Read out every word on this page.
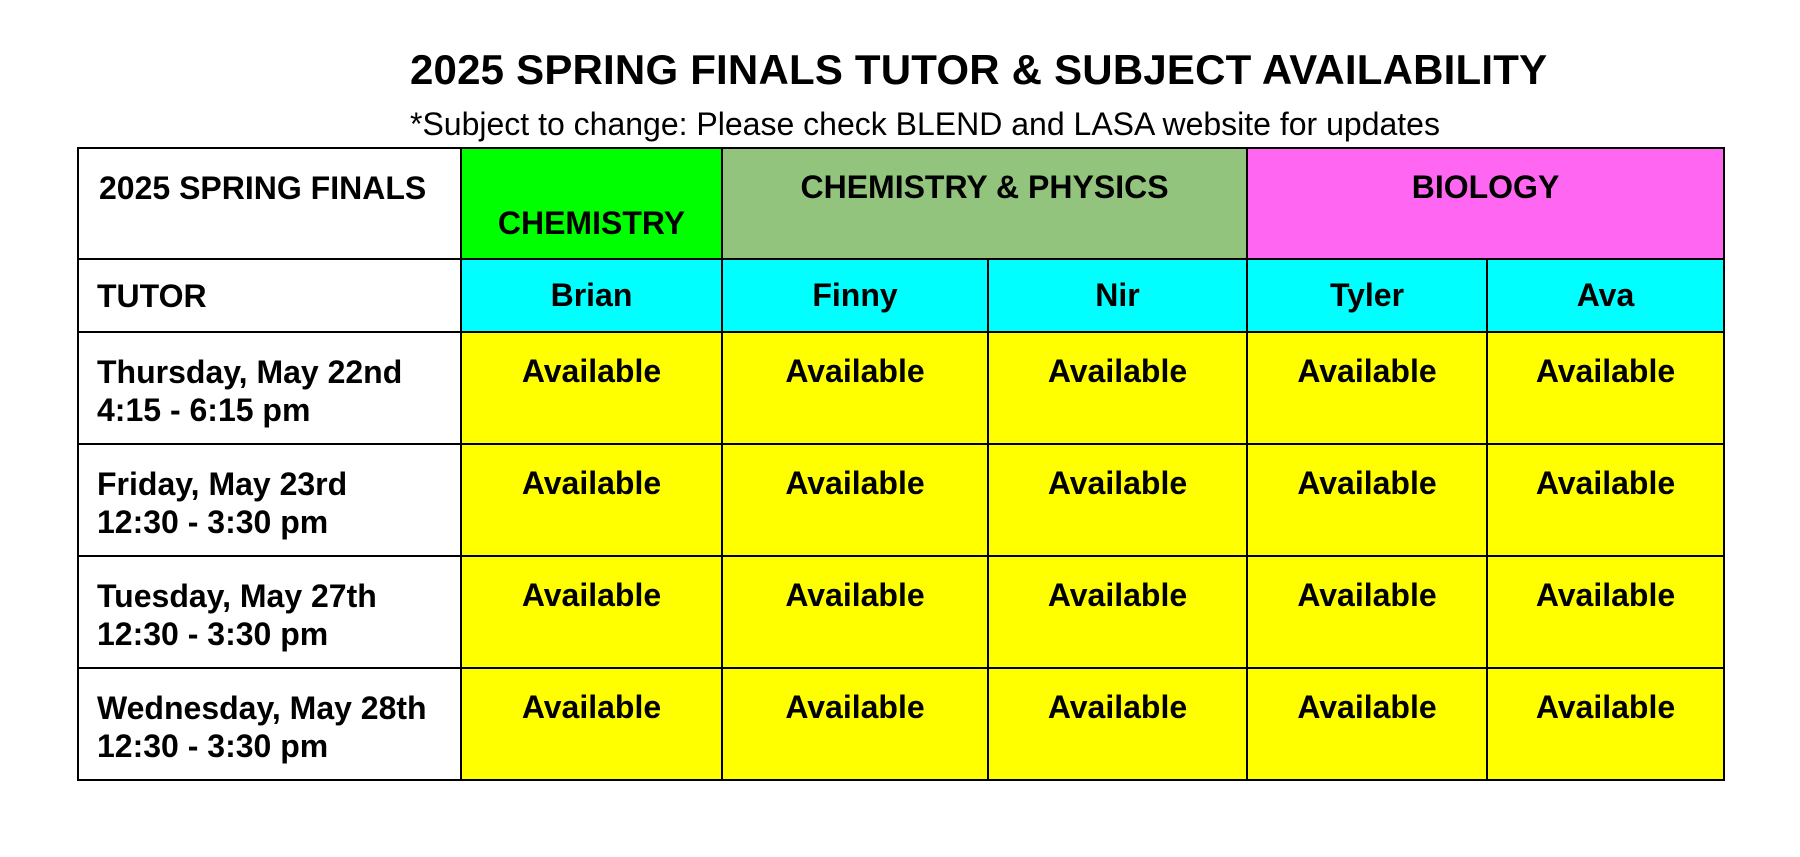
2025 SPRING FINALS TUTOR & SUBJECT AVAILABILITY
*Subject to change: Please check BLEND and LASA website for updates
2025 SPRING FINALS	CHEMISTRY	CHEMISTRY & PHYSICS		BIOLOGY	
TUTOR	Brian	Finny	Nir	Tyler	Ava

Thursday, May 22nd
4:15 - 6:15 pm	Available	Available	Available	Available	Available

Friday, May 23rd
12:30 - 3:30 pm	Available	Available	Available	Available	Available

Tuesday, May 27th
12:30 - 3:30 pm	Available	Available	Available	Available	Available

Wednesday, May 28th
12:30 - 3:30 pm	Available	Available	Available	Available	Available
